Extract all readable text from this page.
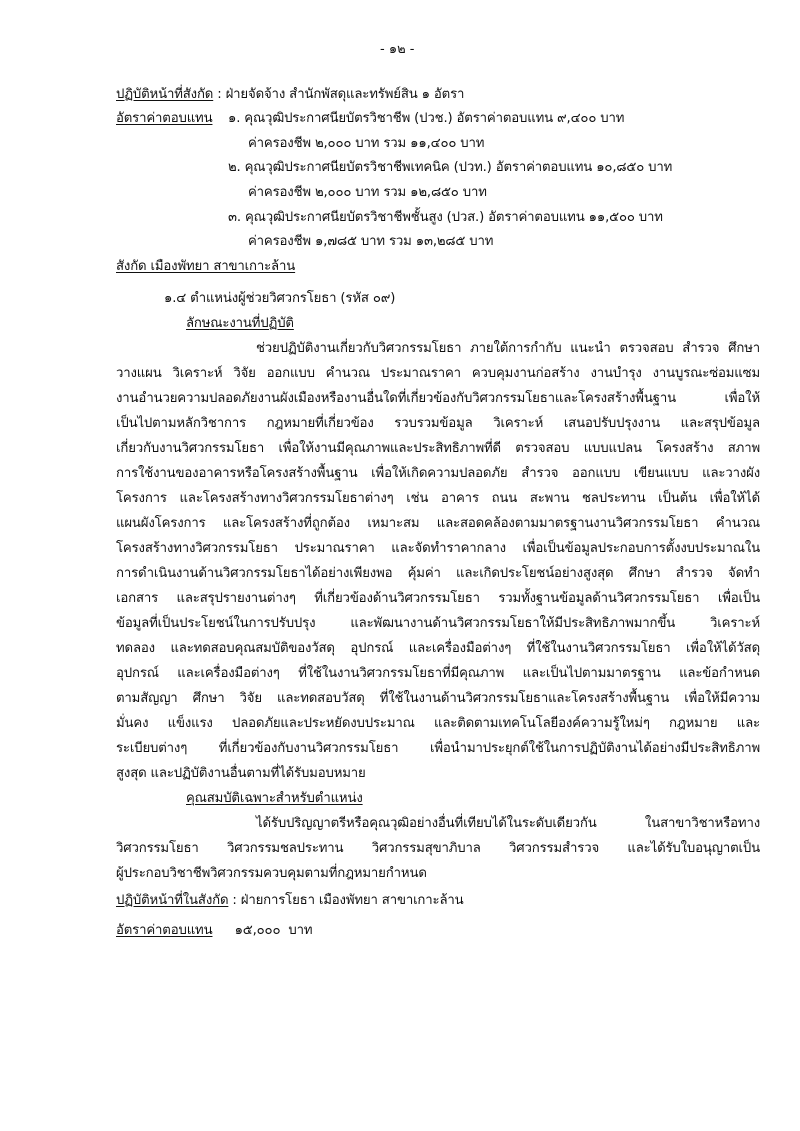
- ๑๒ -
ปฏิบัติหน้าที่สังกัด : ฝ่ายจัดจ้าง สำนักพัสดุและทรัพย์สิน ๑ อัตรา
อัตราค่าตอบแทน ๑. คุณวุฒิประกาศนียบัตรวิชาชีพ (ปวช.) อัตราค่าตอบแทน ๙,๔๐๐ บาท
ค่าครองชีพ ๒,๐๐๐ บาท รวม ๑๑,๔๐๐ บาท
๒. คุณวุฒิประกาศนียบัตรวิชาชีพเทคนิค (ปวท.) อัตราค่าตอบแทน ๑๐,๘๕๐ บาท
ค่าครองชีพ ๒,๐๐๐ บาท รวม ๑๒,๘๕๐ บาท
๓. คุณวุฒิประกาศนียบัตรวิชาชีพชั้นสูง (ปวส.) อัตราค่าตอบแทน ๑๑,๕๐๐ บาท
ค่าครองชีพ ๑,๗๘๕ บาท รวม ๑๓,๒๘๕ บาท
สังกัด เมืองพัทยา สาขาเกาะล้าน
๑.๔ ตำแหน่งผู้ช่วยวิศวกรโยธา (รหัส ๐๙)
ลักษณะงานที่ปฏิบัติ
ช่วยปฏิบัติงานเกี่ยวกับวิศวกรรมโยธา ภายใต้การกำกับ แนะนำ ตรวจสอบ สำรวจ ศึกษา
วางแผน วิเคราะห์ วิจัย ออกแบบ คำนวณ ประมาณราคา ควบคุมงานก่อสร้าง งานบำรุง งานบูรณะซ่อมแซม
งานอำนวยความปลอดภัยงานผังเมืองหรืองานอื่นใดที่เกี่ยวข้องกับวิศวกรรมโยธาและโครงสร้างพื้นฐาน เพื่อให้
เป็นไปตามหลักวิชาการ กฎหมายที่เกี่ยวข้อง รวบรวมข้อมูล วิเคราะห์ เสนอปรับปรุงงาน และสรุปข้อมูล
เกี่ยวกับงานวิศวกรรมโยธา เพื่อให้งานมีคุณภาพและประสิทธิภาพที่ดี ตรวจสอบ แบบแปลน โครงสร้าง สภาพ
การใช้งานของอาคารหรือโครงสร้างพื้นฐาน เพื่อให้เกิดความปลอดภัย สำรวจ ออกแบบ เขียนแบบ และวางผัง
โครงการ และโครงสร้างทางวิศวกรรมโยธาต่างๆ เช่น อาคาร ถนน สะพาน ชลประทาน เป็นต้น เพื่อให้ได้
แผนผังโครงการ และโครงสร้างที่ถูกต้อง เหมาะสม และสอดคล้องตามมาตรฐานงานวิศวกรรมโยธา คำนวณ
โครงสร้างทางวิศวกรรมโยธา ประมาณราคา และจัดทำราคากลาง เพื่อเป็นข้อมูลประกอบการตั้งงบประมาณใน
การดำเนินงานด้านวิศวกรรมโยธาได้อย่างเพียงพอ คุ้มค่า และเกิดประโยชน์อย่างสูงสุด ศึกษา สำรวจ จัดทำ
เอกสาร และสรุปรายงานต่างๆ ที่เกี่ยวข้องด้านวิศวกรรมโยธา รวมทั้งฐานข้อมูลด้านวิศวกรรมโยธา เพื่อเป็น
ข้อมูลที่เป็นประโยชน์ในการปรับปรุง และพัฒนางานด้านวิศวกรรมโยธาให้มีประสิทธิภาพมากขึ้น วิเคราะห์
ทดลอง และทดสอบคุณสมบัติของวัสดุ อุปกรณ์ และเครื่องมือต่างๆ ที่ใช้ในงานวิศวกรรมโยธา เพื่อให้ได้วัสดุ
อุปกรณ์ และเครื่องมือต่างๆ ที่ใช้ในงานวิศวกรรมโยธาที่มีคุณภาพ และเป็นไปตามมาตรฐาน และข้อกำหนด
ตามสัญญา ศึกษา วิจัย และทดสอบวัสดุ ที่ใช้ในงานด้านวิศวกรรมโยธาและโครงสร้างพื้นฐาน เพื่อให้มีความ
มั่นคง แข็งแรง ปลอดภัยและประหยัดงบประมาณ และติดตามเทคโนโลยีองค์ความรู้ใหม่ๆ กฎหมาย และ
ระเบียบต่างๆ ที่เกี่ยวข้องกับงานวิศวกรรมโยธา เพื่อนำมาประยุกต์ใช้ในการปฏิบัติงานได้อย่างมีประสิทธิภาพ
สูงสุด และปฏิบัติงานอื่นตามที่ได้รับมอบหมาย
คุณสมบัติเฉพาะสำหรับตำแหน่ง
ได้รับปริญญาตรีหรือคุณวุฒิอย่างอื่นที่เทียบได้ในระดับเดียวกัน ในสาขาวิชาหรือทาง
วิศวกรรมโยธา วิศวกรรมชลประทาน วิศวกรรมสุขาภิบาล วิศวกรรมสำรวจ และได้รับใบอนุญาตเป็น
ผู้ประกอบวิชาชีพวิศวกรรมควบคุมตามที่กฎหมายกำหนด
ปฏิบัติหน้าที่ในสังกัด : ฝ่ายการโยธา เมืองพัทยา สาขาเกาะล้าน
อัตราค่าตอบแทน ๑๕,๐๐๐  บาท
